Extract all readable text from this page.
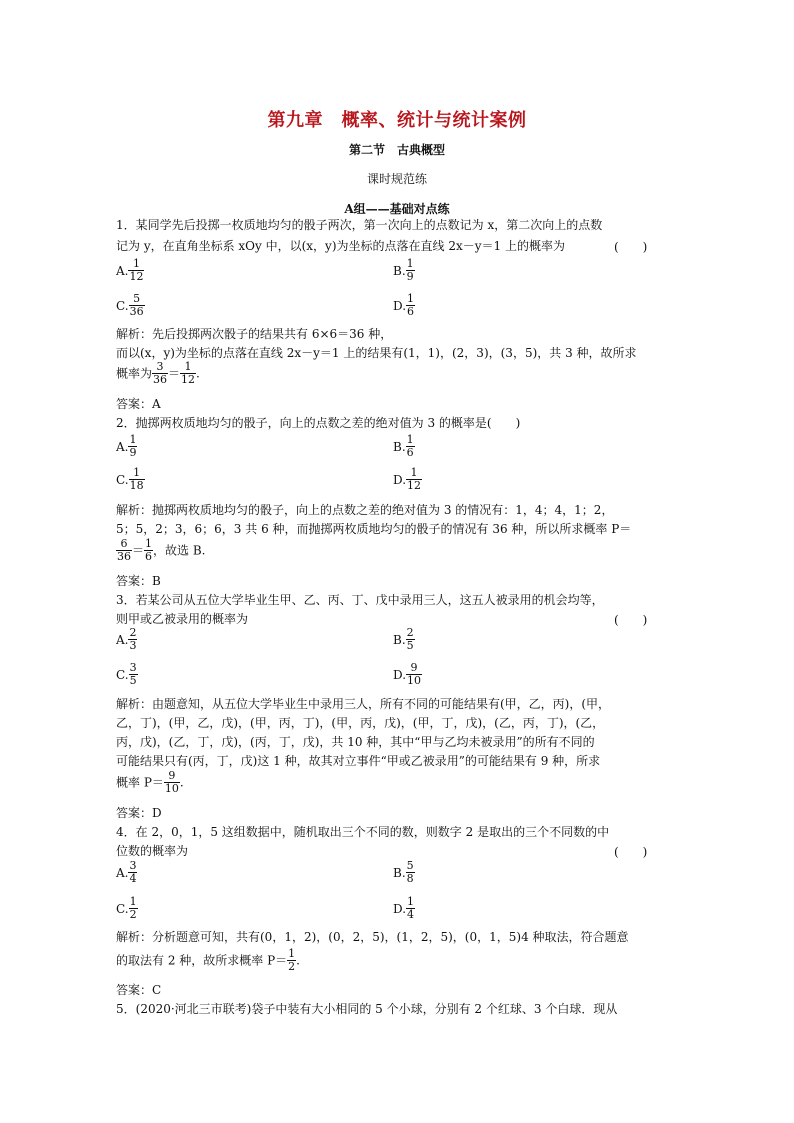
第九章　概率、统计与统计案例
第二节　古典概型
课时规范练
A组——基础对点练
1．某同学先后投掷一枚质地均匀的骰子两次，第一次向上的点数记为 x，第二次向上的点数
记为 y，在直角坐标系 xOy 中，以(x，y)为坐标的点落在直线 2x－y＝1 上的概率为	(　　)
A. $\frac{1}{12}$	B. $\frac{1}{9}$
C. $\frac{5}{36}$	D. $\frac{1}{6}$
解析：先后投掷两次骰子的结果共有 6×6＝36 种，
而以(x，y)为坐标的点落在直线 2x－y＝1 上的结果有(1，1)，(2，3)，(3，5)，共 3 种，故所求
概率为 $\frac{3}{36} = \frac{1}{12}$ .
答案：A
2．抛掷两枚质地均匀的骰子，向上的点数之差的绝对值为 3 的概率是(　　)
A. $\frac{1}{9}$	B. $\frac{1}{6}$
C. $\frac{1}{18}$	D. $\frac{1}{12}$
解析：抛掷两枚质地均匀的骰子，向上的点数之差的绝对值为 3 的情况有：1，4；4，1；2，
5；5，2；3，6；6，3 共 6 种，而抛掷两枚质地均匀的骰子的情况有 36 种，所以所求概率 P＝
$\frac{6}{36} = \frac{1}{6}$ ，故选 B.
答案：B
3．若某公司从五位大学毕业生甲、乙、丙、丁、戊中录用三人，这五人被录用的机会均等，
则甲或乙被录用的概率为	(　　)
A. $\frac{2}{3}$	B. $\frac{2}{5}$
C. $\frac{3}{5}$	D. $\frac{9}{10}$
解析：由题意知，从五位大学毕业生中录用三人，所有不同的可能结果有(甲，乙，丙)，(甲，
乙，丁)，(甲，乙，戊)，(甲，丙，丁)，(甲，丙，戊)，(甲，丁，戊)，(乙，丙，丁)，(乙，
丙，戊)，(乙，丁，戊)，(丙，丁，戊)，共 10 种，其中“甲与乙均未被录用”的所有不同的
可能结果只有(丙，丁，戊)这 1 种，故其对立事件“甲或乙被录用”的可能结果有 9 种，所求
概率 $P= \frac{9}{10}$ .
答案：D
4．在 2，0，1，5 这组数据中，随机取出三个不同的数，则数字 2 是取出的三个不同数的中
位数的概率为	(　　)
A. $\frac{3}{4}$	B. $\frac{5}{8}$
C. $\frac{1}{2}$	D. $\frac{1}{4}$
解析：分析题意可知，共有(0，1，2)，(0，2，5)，(1，2，5)，(0，1，5)4 种取法，符合题意
的取法有 2 种，故所求概率 $P= \frac{1}{2}$ .
答案：C
5．(2020·河北三市联考)袋子中装有大小相同的 5 个小球，分别有 2 个红球、3 个白球．现从
